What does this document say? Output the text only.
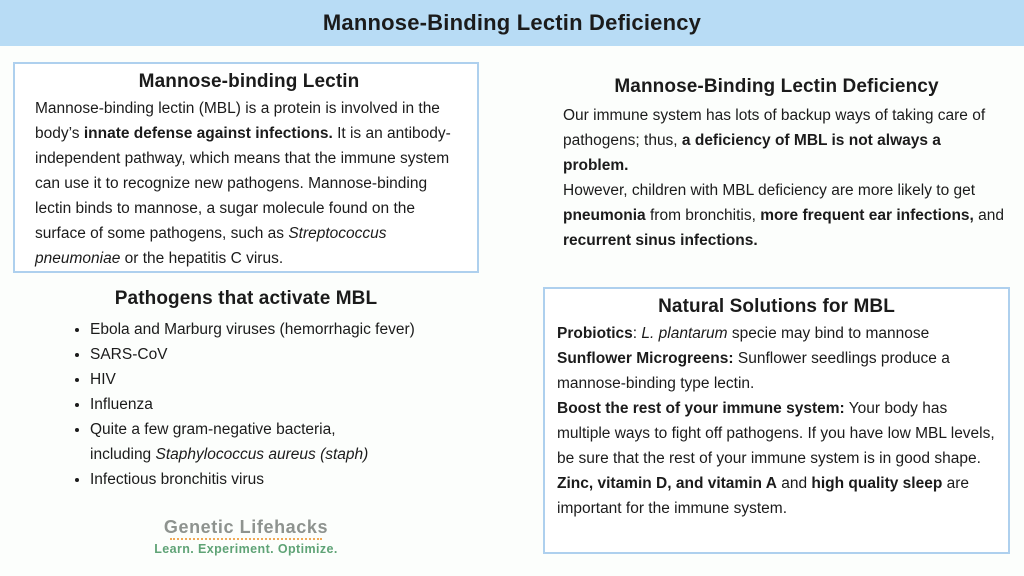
Mannose-Binding Lectin Deficiency
Mannose-binding Lectin

Mannose-binding lectin (MBL) is a protein is involved in the body’s innate defense against infections. It is an antibody-independent pathway, which means that the immune system can use it to recognize new pathogens. Mannose-binding lectin binds to mannose, a sugar molecule found on the surface of some pathogens, such as Streptococcus pneumoniae or the hepatitis C virus.

Mannose-Binding Lectin Deficiency

Our immune system has lots of backup ways of taking care of pathogens; thus, a deficiency of MBL is not always a problem.
However, children with MBL deficiency are more likely to get pneumonia from bronchitis, more frequent ear infections, and recurrent sinus infections.

Pathogens that activate MBL
• Ebola and Marburg viruses (hemorrhagic fever)
• SARS-CoV
• HIV
• Influenza
• Quite a few gram-negative bacteria,
including Staphylococcus aureus (staph)
• Infectious bronchitis virus
Natural Solutions for MBL

Probiotics: L. plantarum specie may bind to mannose
Sunflower Microgreens: Sunflower seedlings produce a mannose-binding type lectin.
Boost the rest of your immune system: Your body has multiple ways to fight off pathogens. If you have low MBL levels, be sure that the rest of your immune system is in good shape. Zinc, vitamin D, and vitamin A and high quality sleep are important for the immune system.

Genetic Lifehacks
Learn. Experiment. Optimize.
